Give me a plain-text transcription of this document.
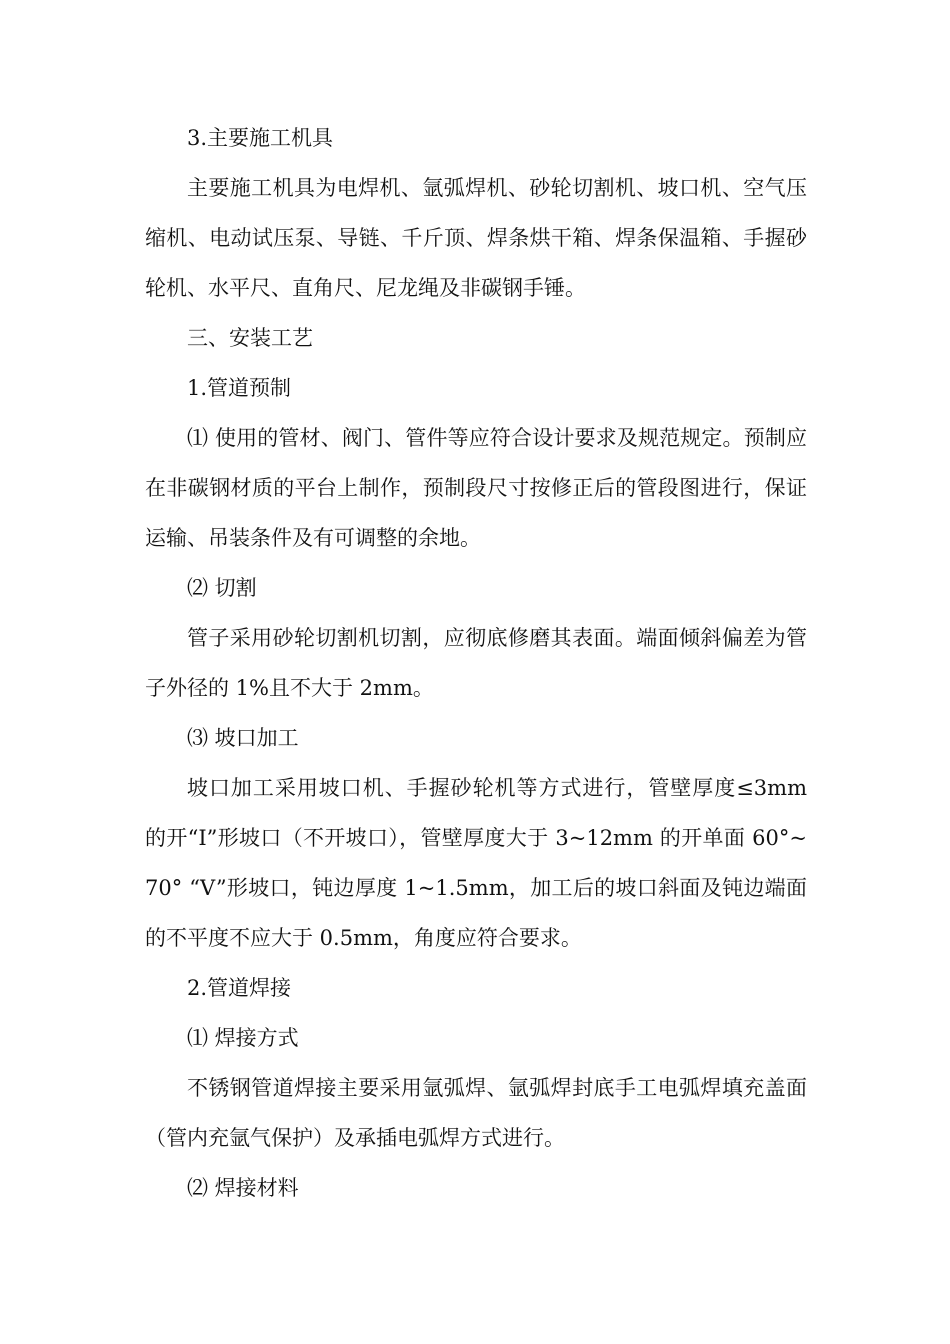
3.主要施工机具

主要施工机具为电焊机、氩弧焊机、砂轮切割机、坡口机、空气压缩机、电动试压泵、导链、千斤顶、焊条烘干箱、焊条保温箱、手握砂轮机、水平尺、直角尺、尼龙绳及非碳钢手锤。

三、安装工艺

1.管道预制

⑴ 使用的管材、阀门、管件等应符合设计要求及规范规定。预制应在非碳钢材质的平台上制作，预制段尺寸按修正后的管段图进行，保证运输、吊装条件及有可调整的余地。

⑵ 切割

管子采用砂轮切割机切割，应彻底修磨其表面。端面倾斜偏差为管子外径的 1%且不大于 2mm。

⑶ 坡口加工

坡口加工采用坡口机、手握砂轮机等方式进行，管壁厚度≤3mm 的开“I”形坡口（不开坡口），管壁厚度大于 3~12mm 的开单面 60°~70° “V”形坡口，钝边厚度 1~1.5mm，加工后的坡口斜面及钝边端面的不平度不应大于 0.5mm，角度应符合要求。

2.管道焊接

⑴ 焊接方式

不锈钢管道焊接主要采用氩弧焊、氩弧焊封底手工电弧焊填充盖面（管内充氩气保护）及承插电弧焊方式进行。

⑵ 焊接材料
